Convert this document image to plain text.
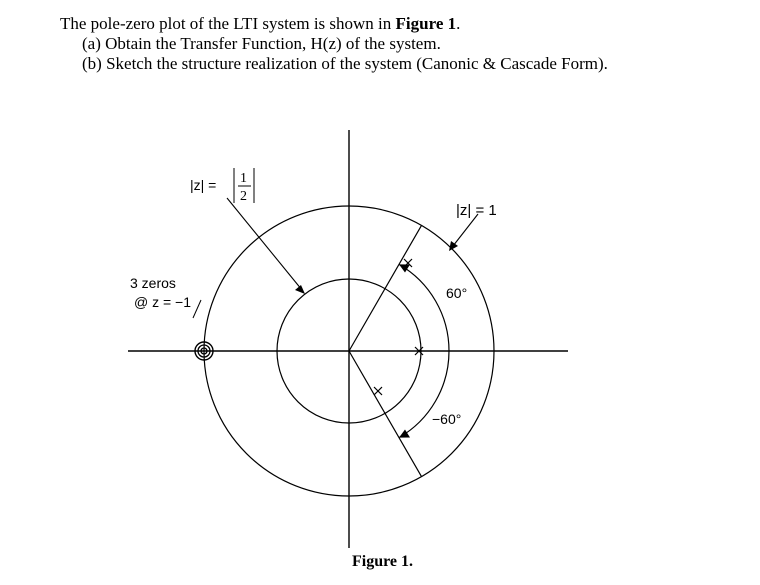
The pole-zero plot of the LTI system is shown in Figure 1.
(a) Obtain the Transfer Function, H(z) of the system.
(b) Sketch the structure realization of the system (Canonic & Cascade Form).
|z| = 1
2
|z| = 1
3 zeros
@ z = −1
60°
−60°
Figure 1.
